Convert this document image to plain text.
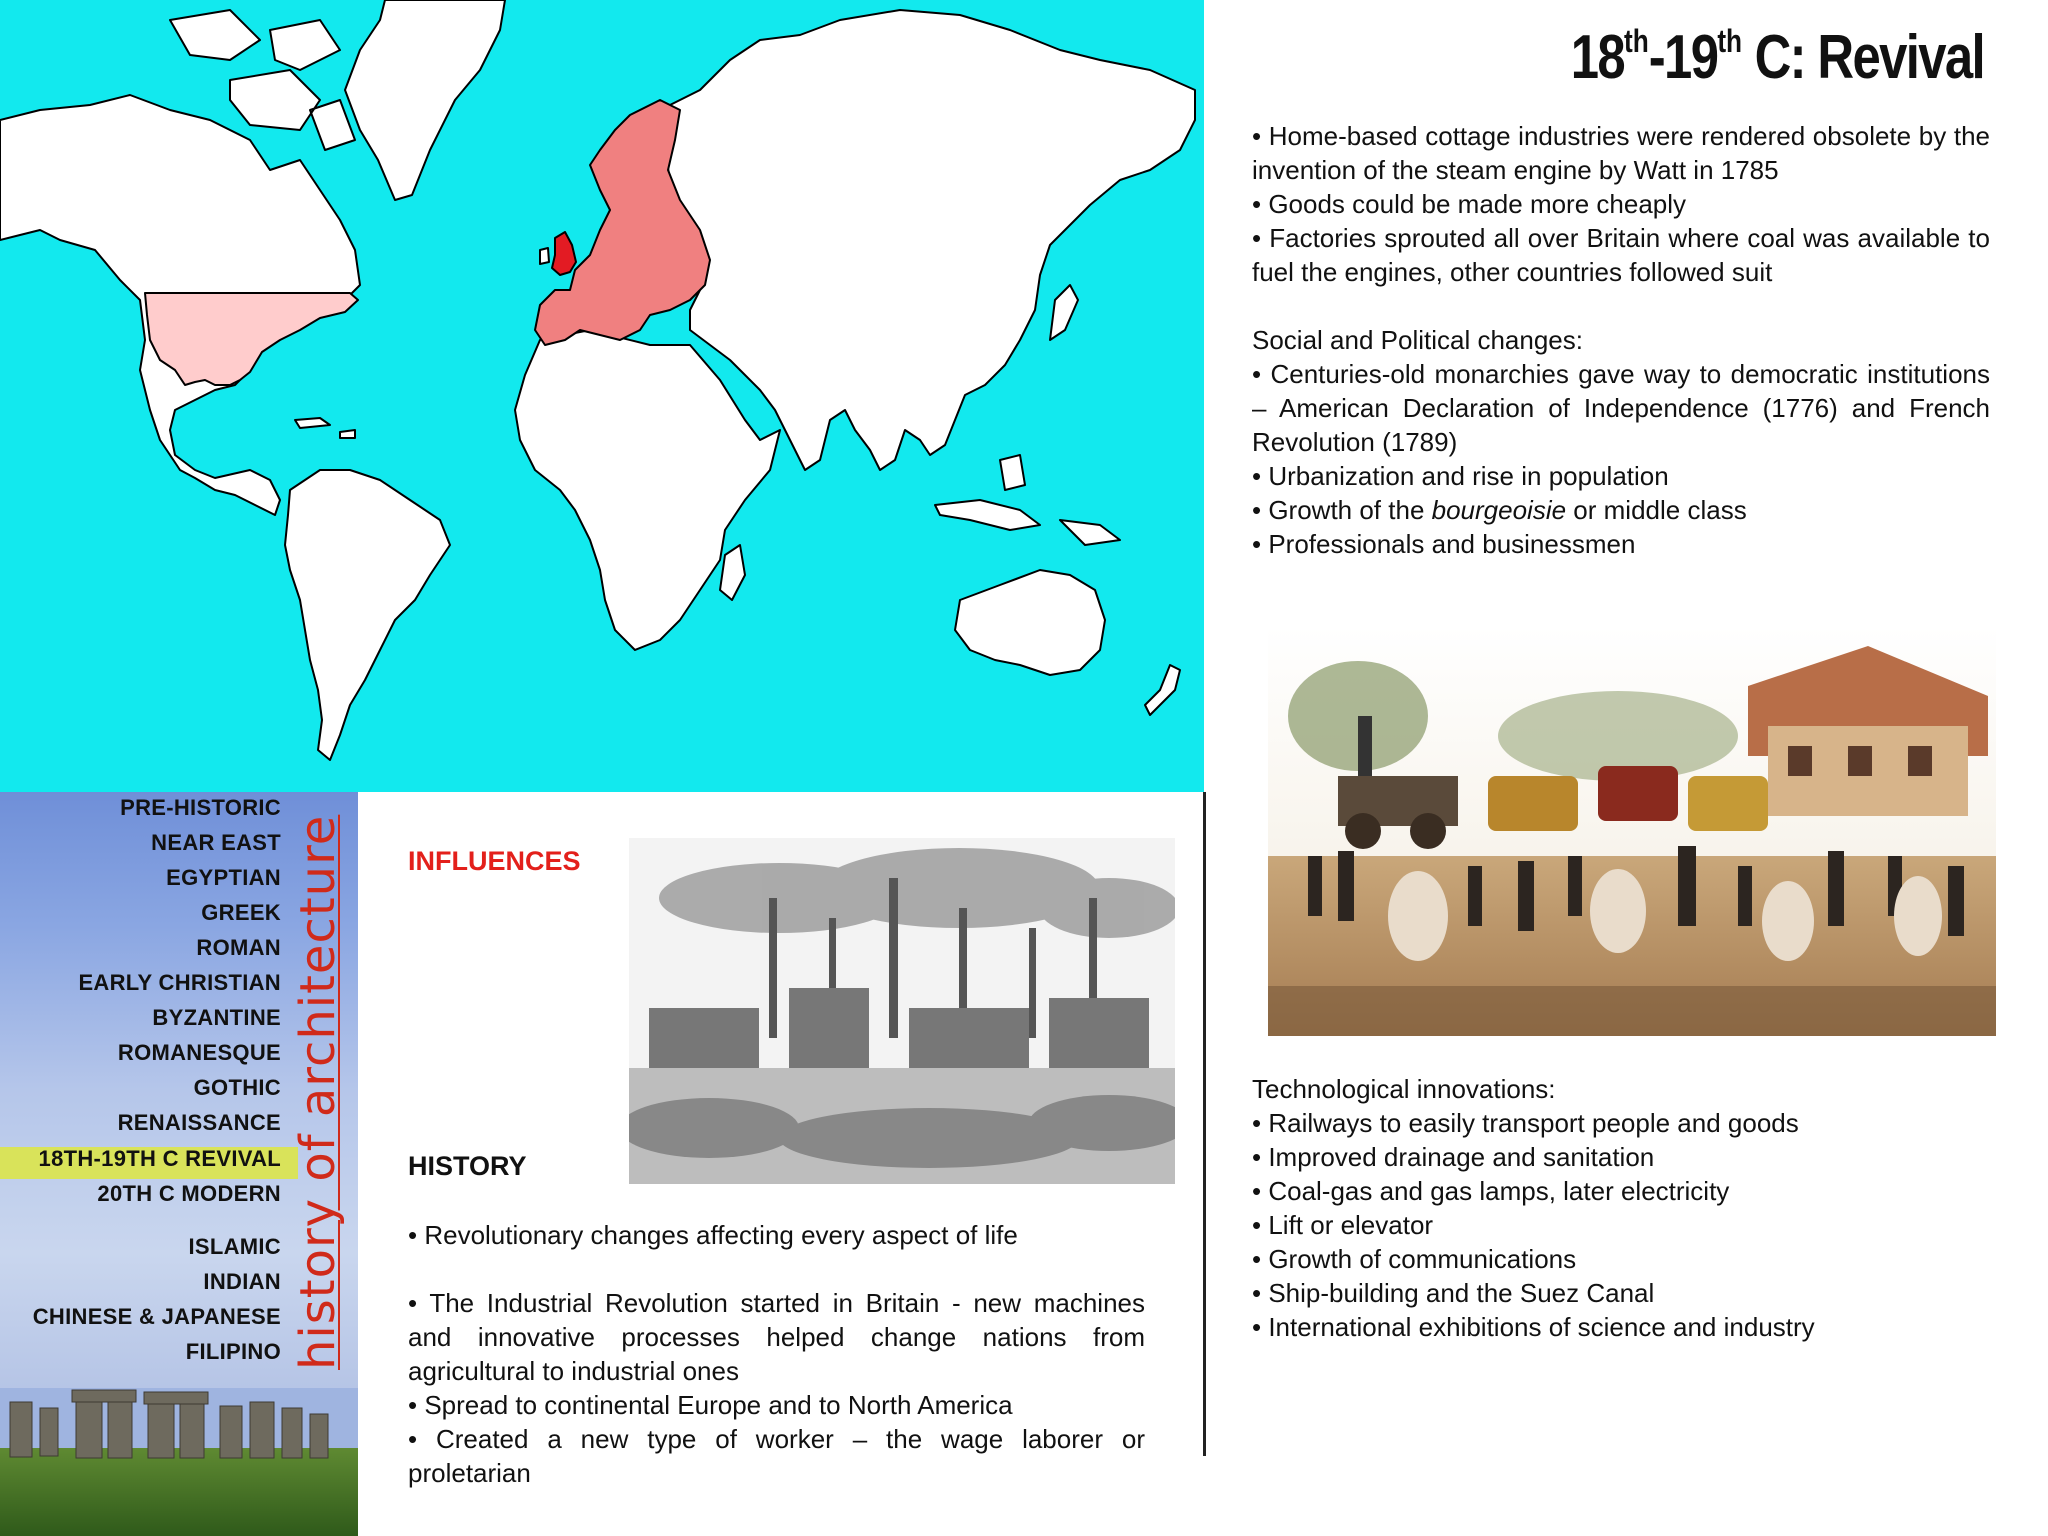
18th-19th C: Revival

• Home-based cottage industries were rendered obsolete by the invention of the steam engine by Watt in 1785

• Goods could be made more cheaply

• Factories sprouted all over Britain where coal was available to fuel the engines, other countries followed suit

Social and Political changes:

• Centuries-old monarchies gave way to democratic institutions – American Declaration of Independence (1776) and French Revolution (1789)

• Urbanization and rise in population

• Growth of the bourgeoisie or middle class

• Professionals and businessmen

Technological innovations:

• Railways to easily transport people and goods

• Improved drainage and sanitation

• Coal-gas and gas lamps, later electricity

• Lift or elevator

• Growth of communications

• Ship-building and the Suez Canal

• International exhibitions of science and industry

PRE-HISTORIC
NEAR EAST
EGYPTIAN
GREEK
ROMAN
EARLY CHRISTIAN
BYZANTINE
ROMANESQUE
GOTHIC
RENAISSANCE
18TH-19TH C REVIVAL
20TH C MODERN
ISLAMIC
INDIAN
CHINESE & JAPANESE
FILIPINO history of architecture INFLUENCES
HISTORY

• Revolutionary changes affecting every aspect of life

• The Industrial Revolution started in Britain - new machines and innovative processes helped change nations from agricultural to industrial ones

• Spread to continental Europe and to North America

• Created a new type of worker – the wage laborer or proletarian
